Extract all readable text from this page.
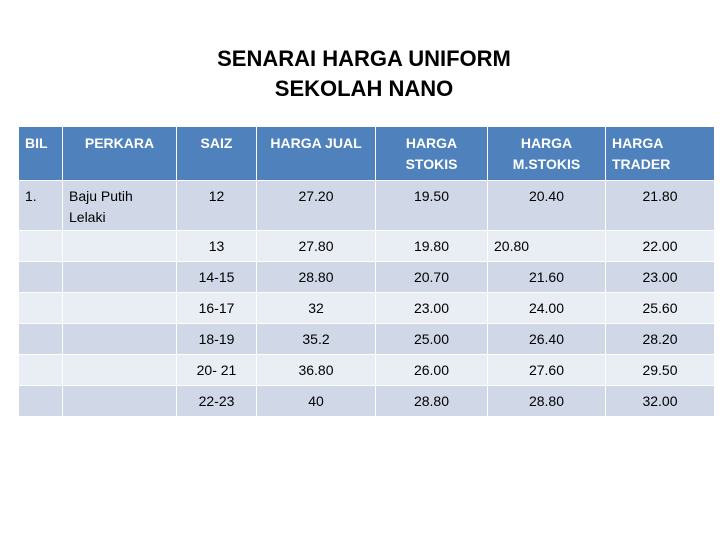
SENARAI HARGA UNIFORM
SEKOLAH NANO
BIL	PERKARA	SAIZ	HARGA JUAL	HARGA STOKIS	HARGA M.STOKIS	HARGA TRADER
1.	Baju Putih Lelaki	12	27.20	19.50	20.40	21.80
		13	27.80	19.80	20.80	22.00
		14-15	28.80	20.70	21.60	23.00
		16-17	32	23.00	24.00	25.60
		18-19	35.2	25.00	26.40	28.20
		20- 21	36.80	26.00	27.60	29.50
		22-23	40	28.80	28.80	32.00
